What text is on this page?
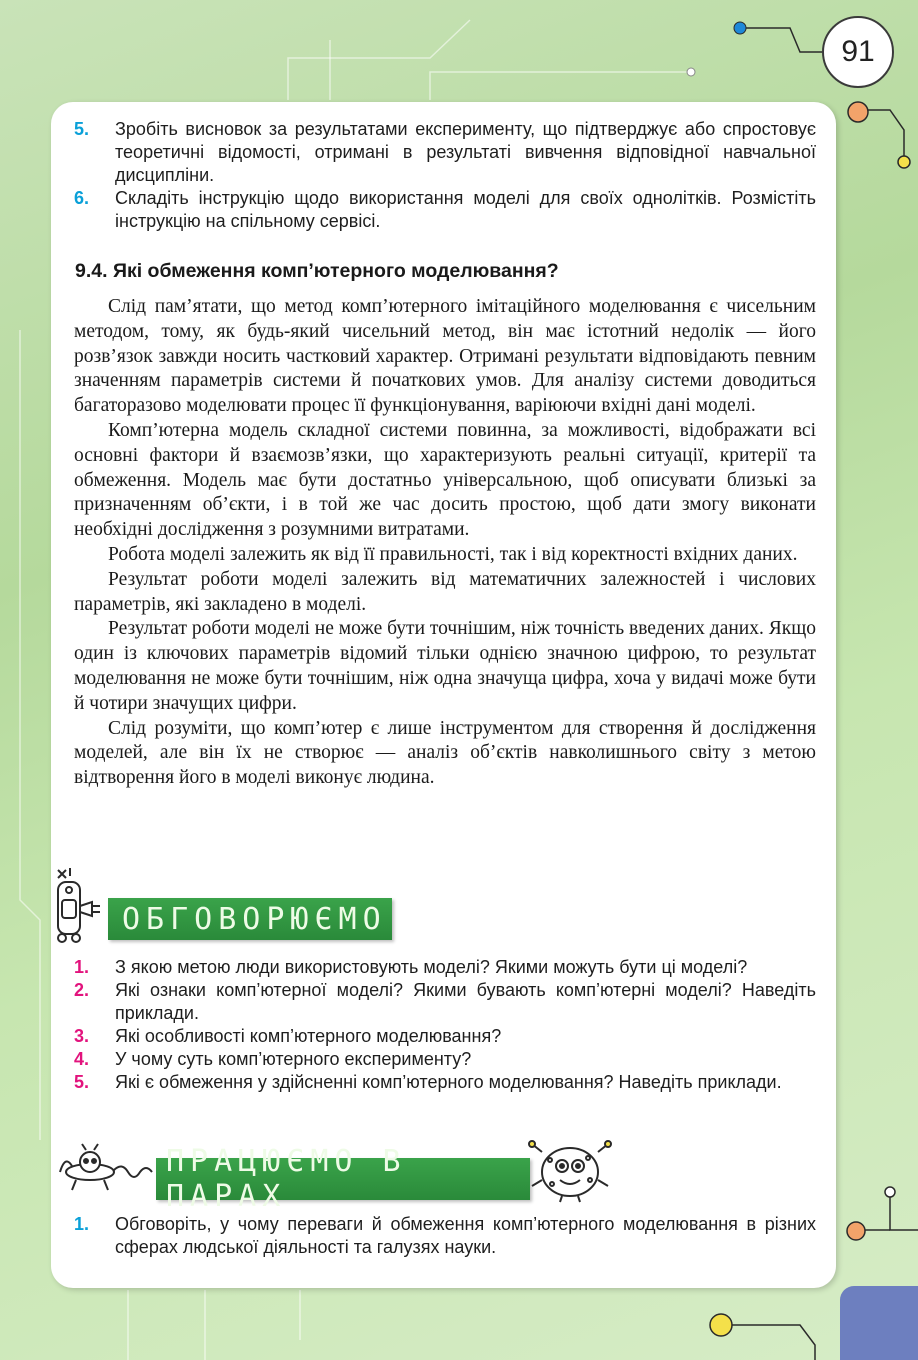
91
5.	Зробіть висновок за результатами експерименту, що підтверджує або спростовує теоретичні відомості, отримані в результаті вивчення відповідної навчальної дисципліни.
6.	Складіть інструкцію щодо використання моделі для своїх однолітків. Розмістіть інструкцію на спільному сервісі.
9.4. Які обмеження комп’ютерного моделювання?

Слід пам’ятати, що метод комп’ютерного імітаційного моделювання є чисельним методом, тому, як будь-який чисельний метод, він має істотний недолік — його розв’язок завжди носить частковий характер. Отримані результати відповідають певним значенням параметрів системи й початкових умов. Для аналізу системи доводиться багаторазово моделювати процес її функціонування, варіюючи вхідні дані моделі.

Комп’ютерна модель складної системи повинна, за можливості, відображати всі основні фактори й взаємозв’язки, що характеризують реальні ситуації, критерії та обмеження. Модель має бути достатньо універсальною, щоб описувати близькі за призначенням об’єкти, і в той же час досить простою, щоб дати змогу виконати необхідні дослідження з розумними витратами.

Робота моделі залежить як від її правильності, так і від коректності вхідних даних.

Результат роботи моделі залежить від математичних залежностей і числових параметрів, які закладено в моделі.

Результат роботи моделі не може бути точнішим, ніж точність введених даних. Якщо один із ключових параметрів відомий тільки однією значною цифрою, то результат моделювання не може бути точнішим, ніж одна значуща цифра, хоча у видачі може бути й чотири значущих цифри.

Слід розуміти, що комп’ютер є лише інструментом для створення й дослідження моделей, але він їх не створює — аналіз об’єктів навколишнього світу з метою відтворення його в моделі виконує людина.

ОБГОВОРЮЄМО
1.	З якою метою люди використовують моделі? Якими можуть бути ці моделі?
2.	Які ознаки комп’ютерної моделі? Якими бувають комп’ютерні моделі? Наведіть приклади.
3.	Які особливості комп’ютерного моделювання?
4.	У чому суть комп’ютерного експерименту?
5.	Які є обмеження у здійсненні комп’ютерного моделювання? Наведіть приклади.
ПРАЦЮЄМО В ПАРАХ
1.	Обговоріть, у чому переваги й обмеження комп’ютерного моделювання в різних сферах людської діяльності та галузях науки.
